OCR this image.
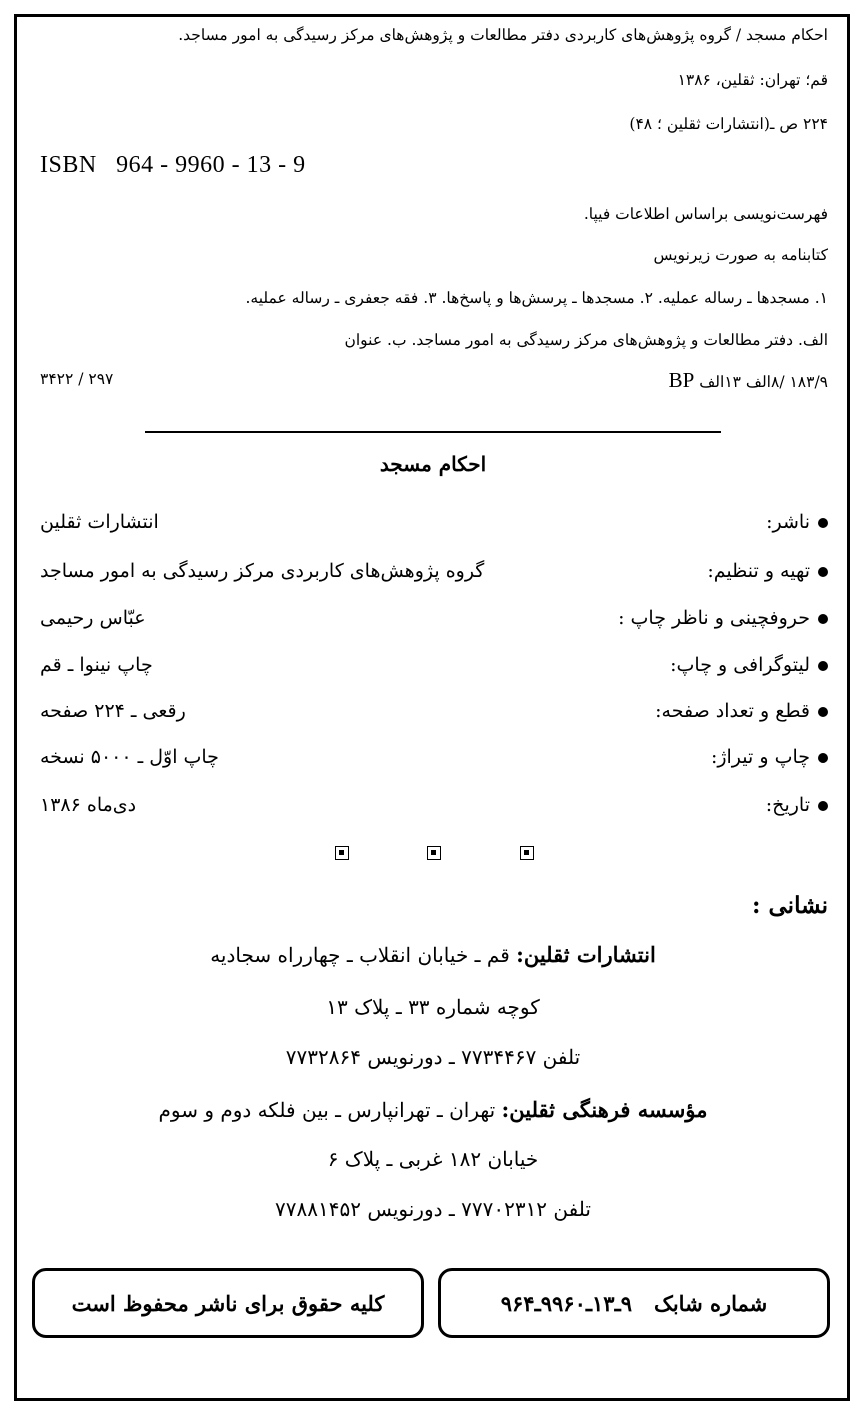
احکام مسجد / گروه پژوهش‌های کاربردی دفتر مطالعات و پژوهش‌های مرکز رسیدگی به امور مساجد.
قم؛ تهران: ثقلین، ۱۳۸۶
۲۲۴ ص ـ(انتشارات ثقلین ؛ ۴۸)
ISBN   964 - 9960 - 13 - 9
فهرست‌نویسی براساس اطلاعات فیپا.
کتابنامه به صورت زیرنویس
۱. مسجدها ـ رساله عملیه. ۲. مسجدها ـ پرسش‌ها و پاسخ‌ها. ۳. فقه جعفری ـ رساله عملیه.
الف. دفتر مطالعات و پژوهش‌های مرکز رسیدگی به امور مساجد. ب. عنوان
۱۸۳/۹ /۸الف ۱۳الف BP
۲۹۷ / ۳۴۲۲
احکام مسجد
ناشر:
انتشارات ثقلین
تهیه و تنظیم:
گروه پژوهش‌های کاربردی مرکز رسیدگی به امور مساجد
حروفچینی و ناظر چاپ :
عبّاس رحیمی
لیتوگرافی و چاپ:
چاپ نینوا ـ قم
قطع و تعداد صفحه:
رقعی ـ ۲۲۴ صفحه
چاپ و تیراژ:
چاپ اوّل ـ ۵۰۰۰ نسخه
تاریخ:
دی‌ماه ۱۳۸۶
نشانی :
انتشارات ثقلین: قم ـ خیابان انقلاب ـ چهارراه سجادیه
کوچه شماره ۳۳ ـ پلاک ۱۳
تلفن ۷۷۳۴۴۶۷ ـ دورنویس ۷۷۳۲۸۶۴
مؤسسه فرهنگی ثقلین: تهران ـ تهرانپارس ـ بین فلکه دوم و سوم
خیابان ۱۸۲ غربی ـ پلاک ۶
تلفن ۷۷۷۰۲۳۱۲ ـ دورنویس ۷۷۸۸۱۴۵۲
شماره شابک
۹ـ۱۳ـ۹۹۶۰ـ۹۶۴
کلیه حقوق برای ناشر محفوظ است
